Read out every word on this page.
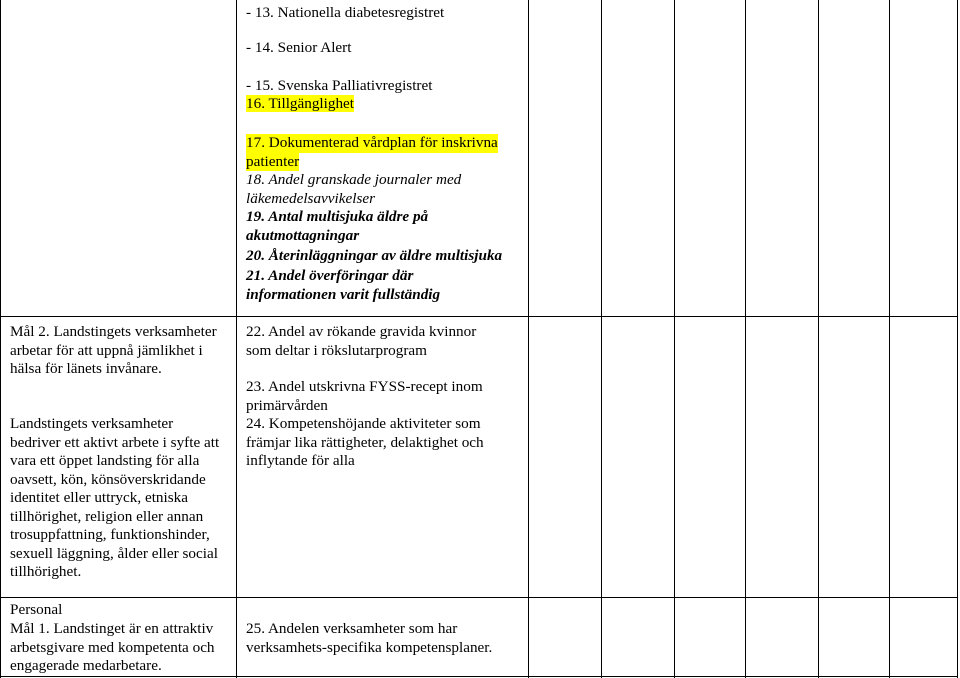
- 13. Nationella diabetesregistret
- 14. Senior Alert
- 15. Svenska Palliativregistret
16. Tillgänglighet
17. Dokumenterad vårdplan för inskrivna
patienter
18. Andel granskade journaler med
läkemedelsavvikelser
19. Antal multisjuka äldre på
akutmottagningar
20. Återinläggningar av äldre multisjuka
21. Andel överföringar där
informationen varit fullständig
Mål 2. Landstingets verksamheter
arbetar för att uppnå jämlikhet i
hälsa för länets invånare.
Landstingets verksamheter
bedriver ett aktivt arbete i syfte att
vara ett öppet landsting för alla
oavsett, kön, könsöverskridande
identitet eller uttryck, etniska
tillhörighet, religion eller annan
trosuppfattning, funktionshinder,
sexuell läggning, ålder eller social
tillhörighet.
22. Andel av rökande gravida kvinnor
som deltar i rökslutarprogram
23. Andel utskrivna FYSS-recept inom
primärvården
24. Kompetenshöjande aktiviteter som
främjar lika rättigheter, delaktighet och
inflytande för alla
Personal
Mål 1. Landstinget är en attraktiv
arbetsgivare med kompetenta och
engagerade medarbetare.
25. Andelen verksamheter som har
verksamhets-specifika kompetensplaner.
